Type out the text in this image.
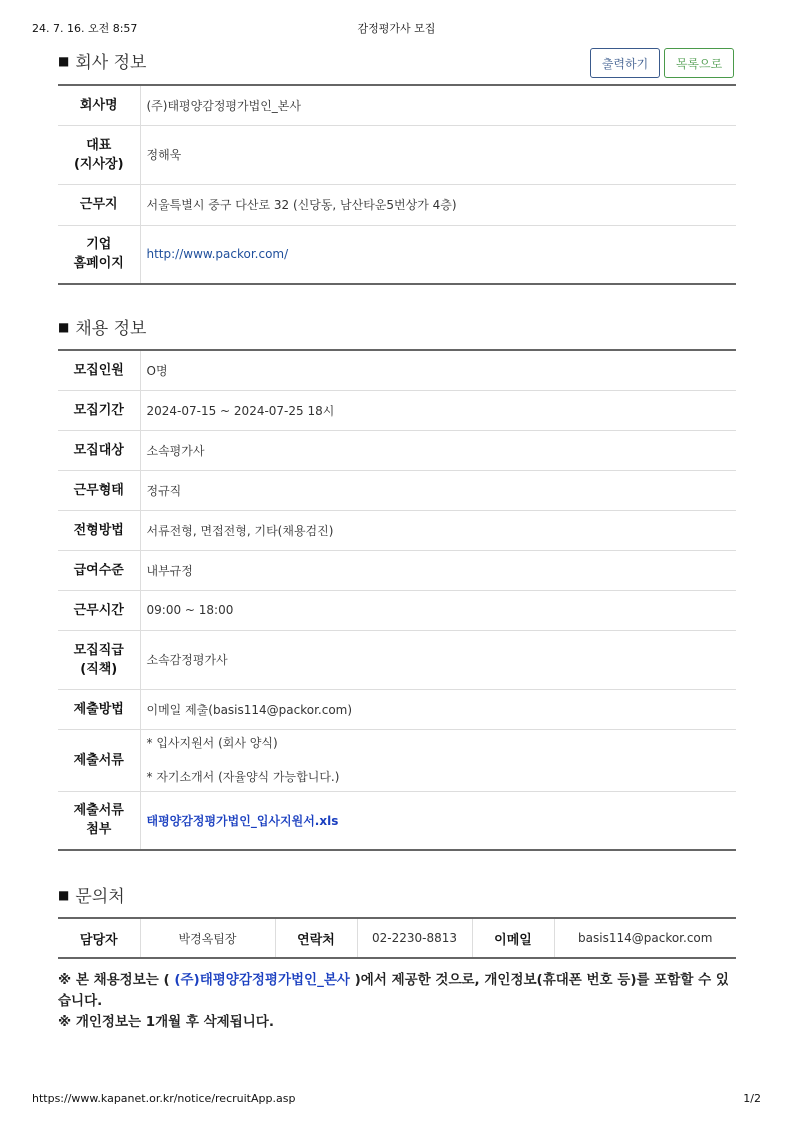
24. 7. 16. 오전 8:57	감정평가사 모집
■ 회사 정보	출력하기	목록으로
회사명	(주)태평양감정평가법인_본사
대표
(지사장)	정해욱
근무지	서울특별시 중구 다산로 32 (신당동, 남산타운5번상가 4층)
기업
홈페이지	http://www.packor.com/
■ 채용 정보
모집인원	O명
모집기간	2024-07-15 ~ 2024-07-25 18시
모집대상	소속평가사
근무형태	정규직
전형방법	서류전형, 면접전형, 기타(채용검진)
급여수준	내부규정
근무시간	09:00 ~ 18:00
모집직급
(직책)	소속감정평가사
제출방법	이메일 제출(basis114@packor.com)
제출서류	* 입사지원서 (회사 양식)
* 자기소개서 (자율양식 가능합니다.)

제출서류
첨부	태평양감정평가법인_입사지원서.xls
■ 문의처
담당자	박경옥팀장	연락처	02-2230-8813	이메일	basis114@packor.com
※ 본 채용정보는 ( (주)태평양감정평가법인_본사 )에서 제공한 것으로, 개인정보(휴대폰 번호 등)를 포함할 수 있습니다.
※ 개인정보는 1개월 후 삭제됩니다.
https://www.kapanet.or.kr/notice/recruitApp.asp	1/2
